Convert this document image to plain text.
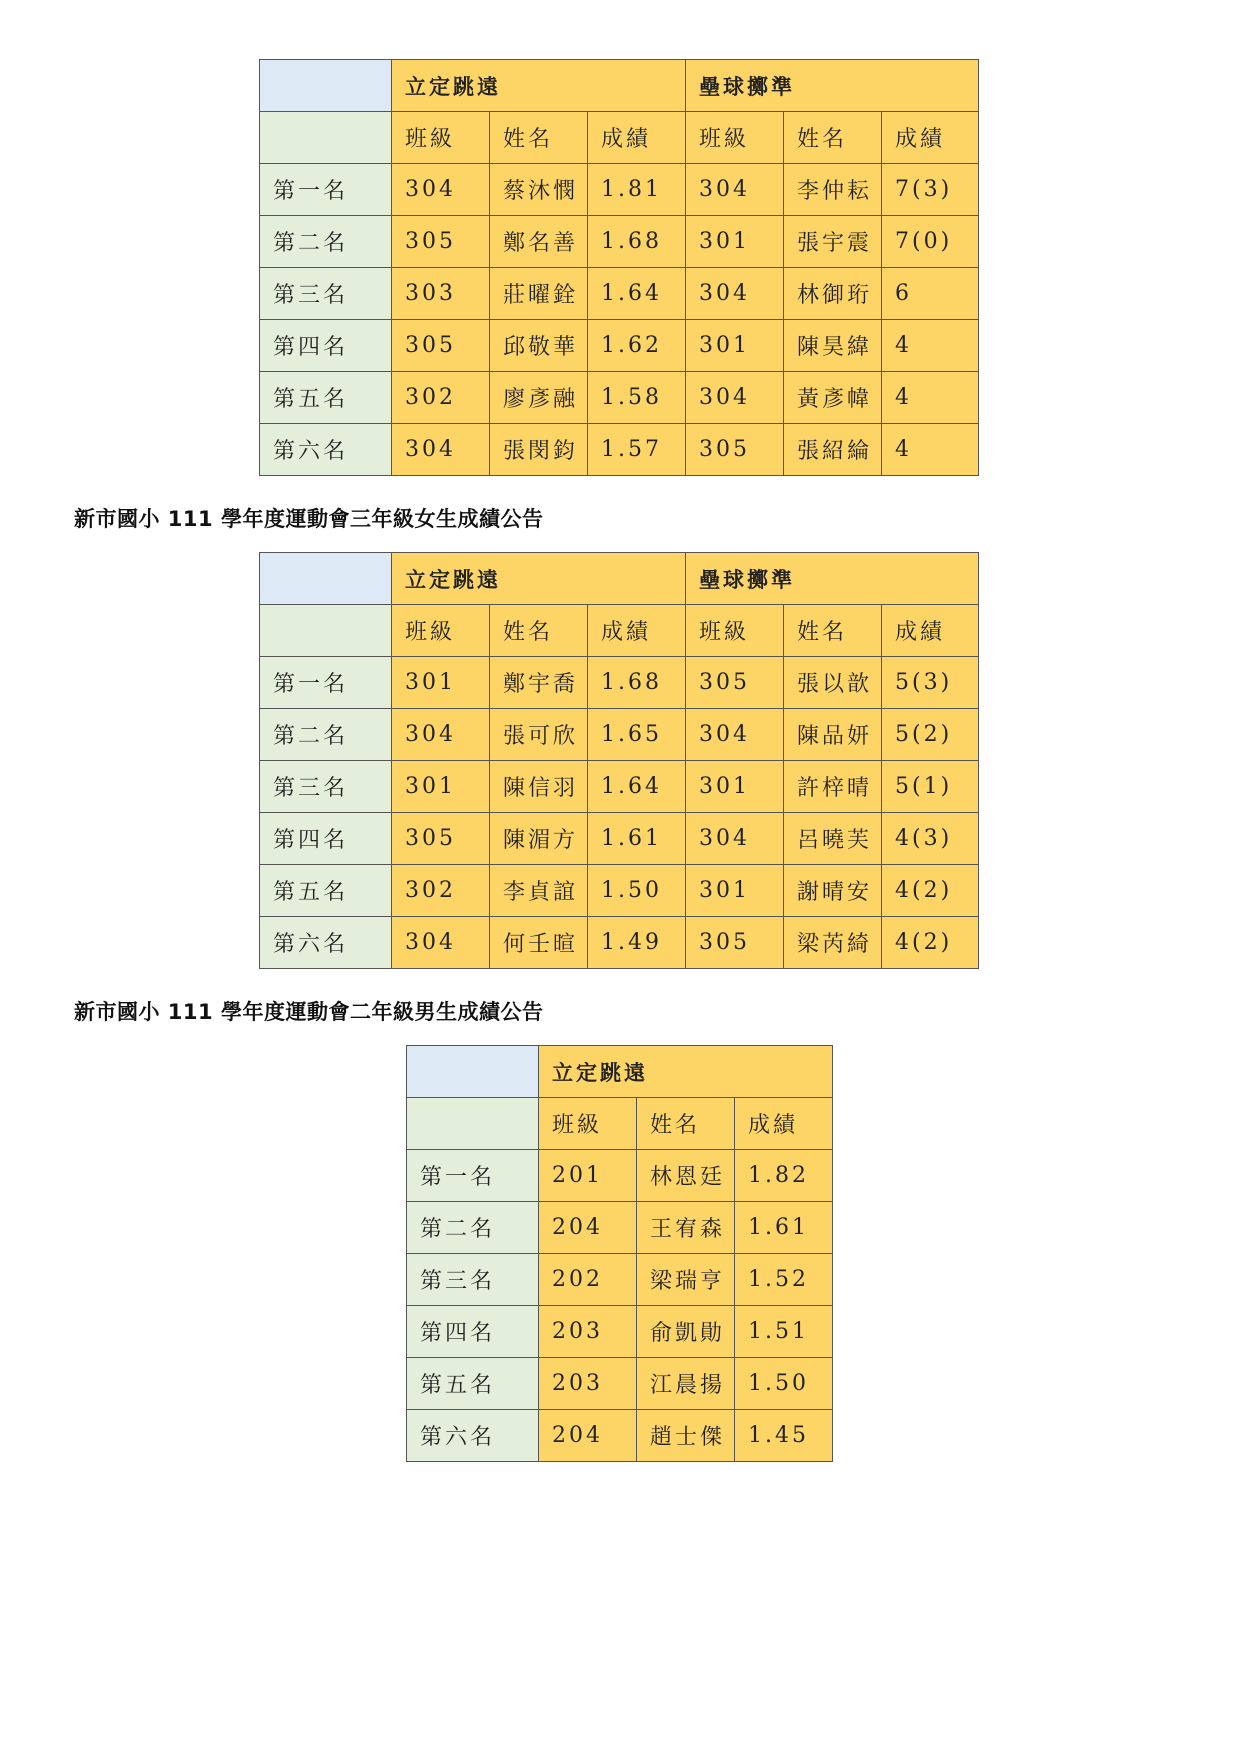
	立定跳遠			壘球擲準		
	班級	姓名	成績	班級	姓名	成績
第一名	304	蔡沐憫	1.81	304	李仲耘	7(3)
第二名	305	鄭名善	1.68	301	張宇震	7(0)
第三名	303	莊曜銓	1.64	304	林御珩	6
第四名	305	邱敬華	1.62	301	陳昊緯	4
第五名	302	廖彥融	1.58	304	黃彥幃	4
第六名	304	張閔鈞	1.57	305	張紹綸	4
新市國小 111 學年度運動會三年級女生成績公告
	立定跳遠			壘球擲準		
	班級	姓名	成績	班級	姓名	成績
第一名	301	鄭宇喬	1.68	305	張以歆	5(3)
第二名	304	張可欣	1.65	304	陳品妍	5(2)
第三名	301	陳信羽	1.64	301	許梓晴	5(1)
第四名	305	陳湄方	1.61	304	呂曉芙	4(3)
第五名	302	李貞誼	1.50	301	謝晴安	4(2)
第六名	304	何壬暄	1.49	305	梁芮綺	4(2)
新市國小 111 學年度運動會二年級男生成績公告
	立定跳遠		
	班級	姓名	成績
第一名	201	林恩廷	1.82
第二名	204	王宥森	1.61
第三名	202	梁瑞亨	1.52
第四名	203	俞凱勛	1.51
第五名	203	江晨揚	1.50
第六名	204	趙士傑	1.45
